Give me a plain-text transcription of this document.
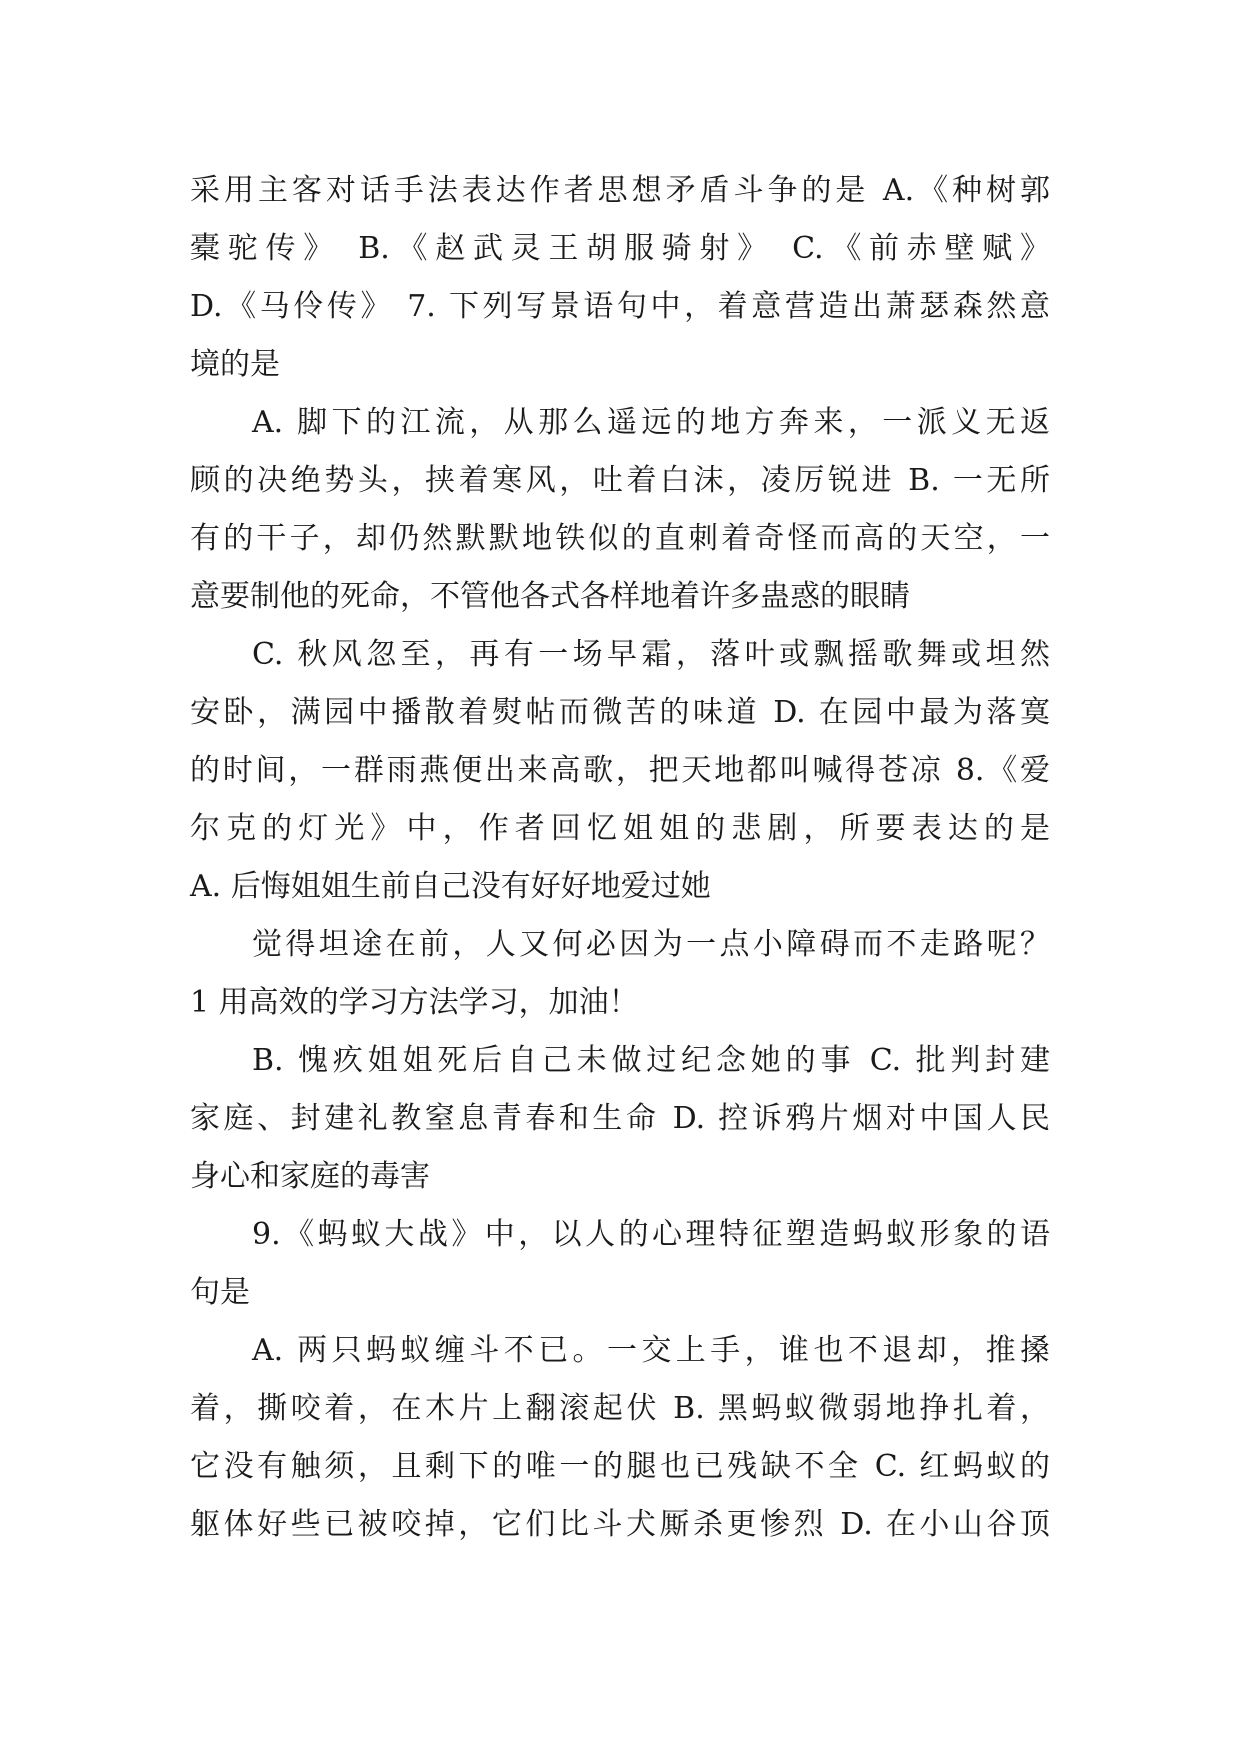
采用主客对话手法表达作者思想矛盾斗争的是 A.《种树郭
橐驼传》 B.《赵武灵王胡服骑射》 C.《前赤壁赋》
D.《马伶传》 7. 下列写景语句中，着意营造出萧瑟森然意
境的是
A. 脚下的江流，从那么遥远的地方奔来，一派义无返
顾的决绝势头，挟着寒风，吐着白沫，凌厉锐进 B. 一无所
有的干子，却仍然默默地铁似的直刺着奇怪而高的天空，一
意要制他的死命，不管他各式各样地着许多蛊惑的眼睛
C. 秋风忽至，再有一场早霜，落叶或飘摇歌舞或坦然
安卧，满园中播散着熨帖而微苦的味道 D. 在园中最为落寞
的时间，一群雨燕便出来高歌，把天地都叫喊得苍凉 8.《爱
尔克的灯光》中，作者回忆姐姐的悲剧，所要表达的是
A. 后悔姐姐生前自己没有好好地爱过她
觉得坦途在前，人又何必因为一点小障碍而不走路呢？
1 用高效的学习方法学习，加油！
B. 愧疚姐姐死后自己未做过纪念她的事 C. 批判封建
家庭、封建礼教窒息青春和生命 D. 控诉鸦片烟对中国人民
身心和家庭的毒害
9.《蚂蚁大战》中，以人的心理特征塑造蚂蚁形象的语
句是
A. 两只蚂蚁缠斗不已。一交上手，谁也不退却，推搡
着，撕咬着，在木片上翻滚起伏 B. 黑蚂蚁微弱地挣扎着，
它没有触须，且剩下的唯一的腿也已残缺不全 C. 红蚂蚁的
躯体好些已被咬掉，它们比斗犬厮杀更惨烈 D. 在小山谷顶
